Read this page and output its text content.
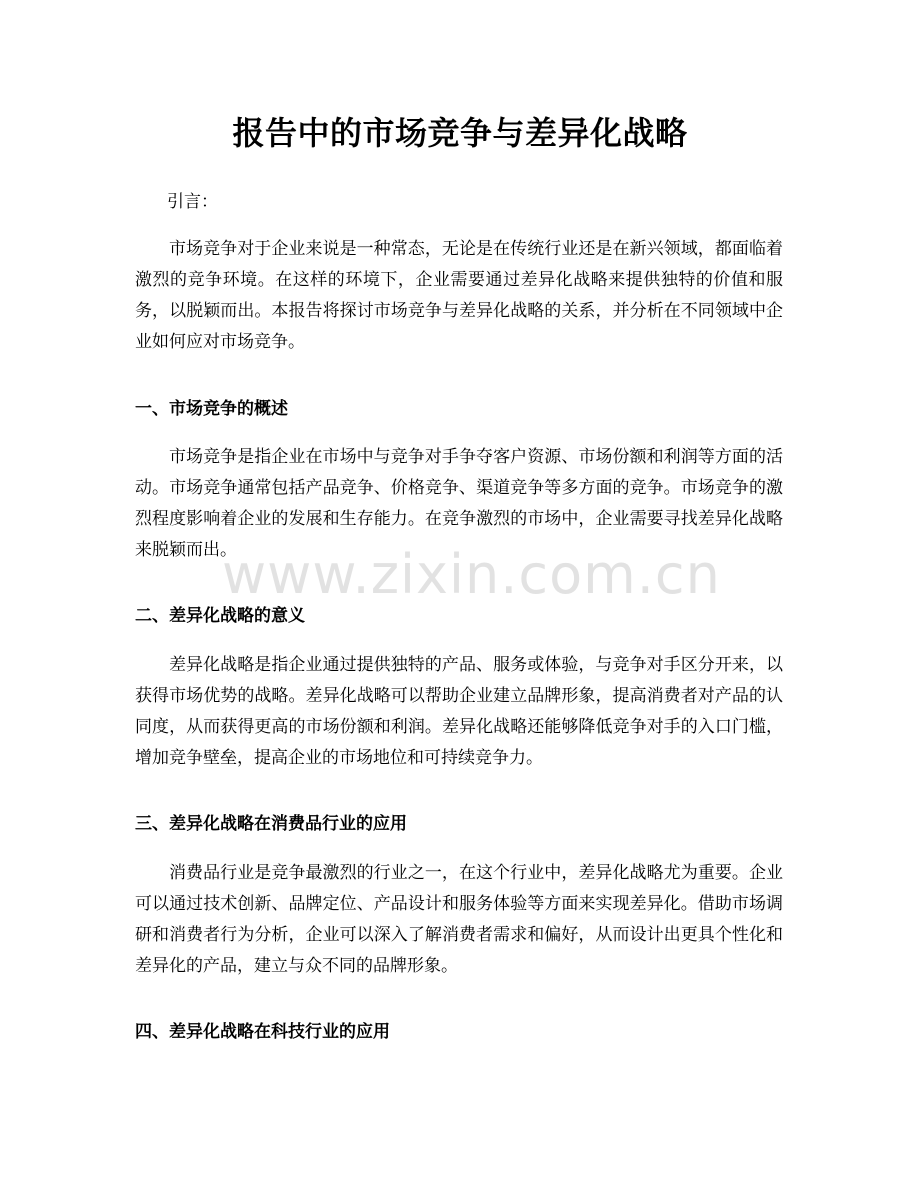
报告中的市场竞争与差异化战略

引言：

市场竞争对于企业来说是一种常态，无论是在传统行业还是在新兴领域，都面临着激烈的竞争环境。在这样的环境下，企业需要通过差异化战略来提供独特的价值和服务，以脱颖而出。本报告将探讨市场竞争与差异化战略的关系，并分析在不同领域中企业如何应对市场竞争。

一、市场竞争的概述

市场竞争是指企业在市场中与竞争对手争夺客户资源、市场份额和利润等方面的活动。市场竞争通常包括产品竞争、价格竞争、渠道竞争等多方面的竞争。市场竞争的激烈程度影响着企业的发展和生存能力。在竞争激烈的市场中，企业需要寻找差异化战略来脱颖而出。

二、差异化战略的意义

差异化战略是指企业通过提供独特的产品、服务或体验，与竞争对手区分开来，以获得市场优势的战略。差异化战略可以帮助企业建立品牌形象，提高消费者对产品的认同度，从而获得更高的市场份额和利润。差异化战略还能够降低竞争对手的入口门槛，增加竞争壁垒，提高企业的市场地位和可持续竞争力。

三、差异化战略在消费品行业的应用

消费品行业是竞争最激烈的行业之一，在这个行业中，差异化战略尤为重要。企业可以通过技术创新、品牌定位、产品设计和服务体验等方面来实现差异化。借助市场调研和消费者行为分析，企业可以深入了解消费者需求和偏好，从而设计出更具个性化和差异化的产品，建立与众不同的品牌形象。

四、差异化战略在科技行业的应用
www.zixin.com.cn
